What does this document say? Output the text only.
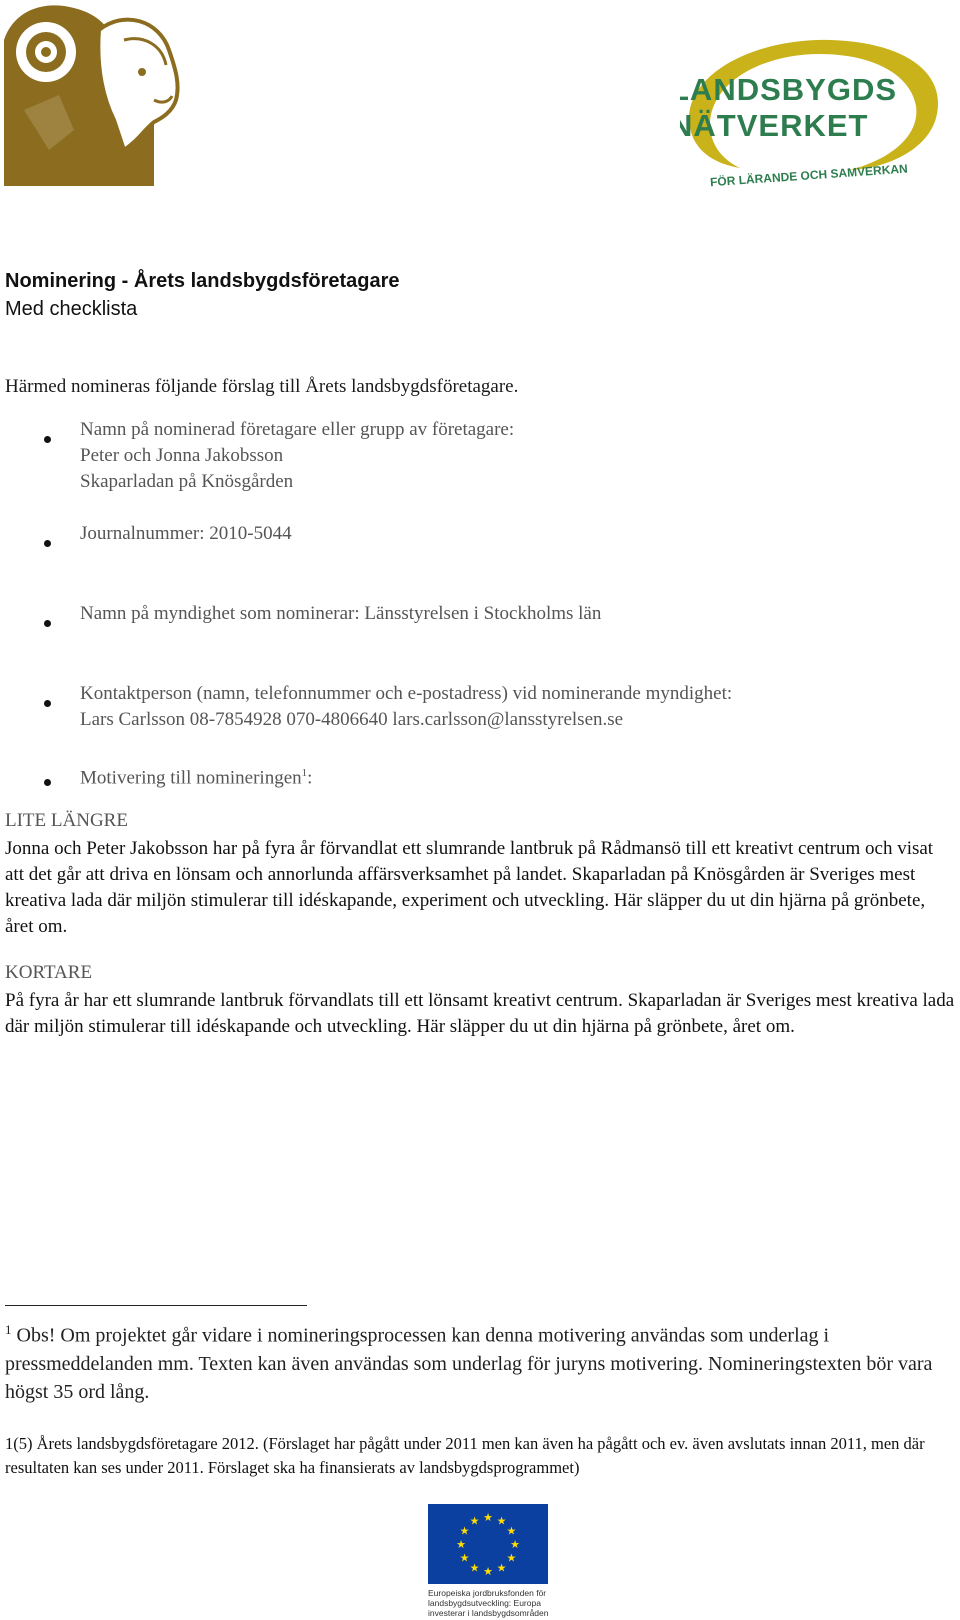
LANDSBYGDS
NÄTVERKET
FÖR LÄRANDE OCH SAMVERKAN
Nominering - Årets landsbygdsföretagare
Med checklista
Härmed nomineras följande förslag till Årets landsbygdsföretagare.
Namn på nominerad företagare eller grupp av företagare:
Peter och Jonna Jakobsson
Skaparladan på Knösgården
Journalnummer: 2010-5044
Namn på myndighet som nominerar: Länsstyrelsen i Stockholms län
Kontaktperson (namn, telefonnummer och e-postadress) vid nominerande myndighet:
Lars Carlsson 08-7854928 070-4806640 lars.carlsson@lansstyrelsen.se
Motivering till nomineringen$^1$:
LITE LÄNGRE
Jonna och Peter Jakobsson har på fyra år förvandlat ett slumrande lantbruk på Rådmansö till ett kreativt centrum och visat att det går att driva en lönsam och annorlunda affärsverksamhet på landet. Skaparladan på Knösgården är Sveriges mest kreativa lada där miljön stimulerar till idéskapande, experiment och utveckling. Här släpper du ut din hjärna på grönbete, året om.
KORTARE
På fyra år har ett slumrande lantbruk förvandlats till ett lönsamt kreativt centrum. Skaparladan är Sveriges mest kreativa lada där miljön stimulerar till idéskapande och utveckling. Här släpper du ut din hjärna på grönbete, året om.
$^1$ Obs! Om projektet går vidare i nomineringsprocessen kan denna motivering användas som underlag i pressmeddelanden mm. Texten kan även användas som underlag för juryns motivering. Nomineringstexten bör vara högst 35 ord lång.
1(5) Årets landsbygdsföretagare 2012. (Förslaget har pågått under 2011 men kan även ha pågått och ev. även avslutats innan 2011, men där resultaten kan ses under 2011. Förslaget ska ha finansierats av landsbygdsprogrammet)
★ ★
★
★
★
★
★
★
★
★
★
★
Europeiska jordbruksfonden för landsbygdsutveckling: Europa investerar i landsbygdsområden
